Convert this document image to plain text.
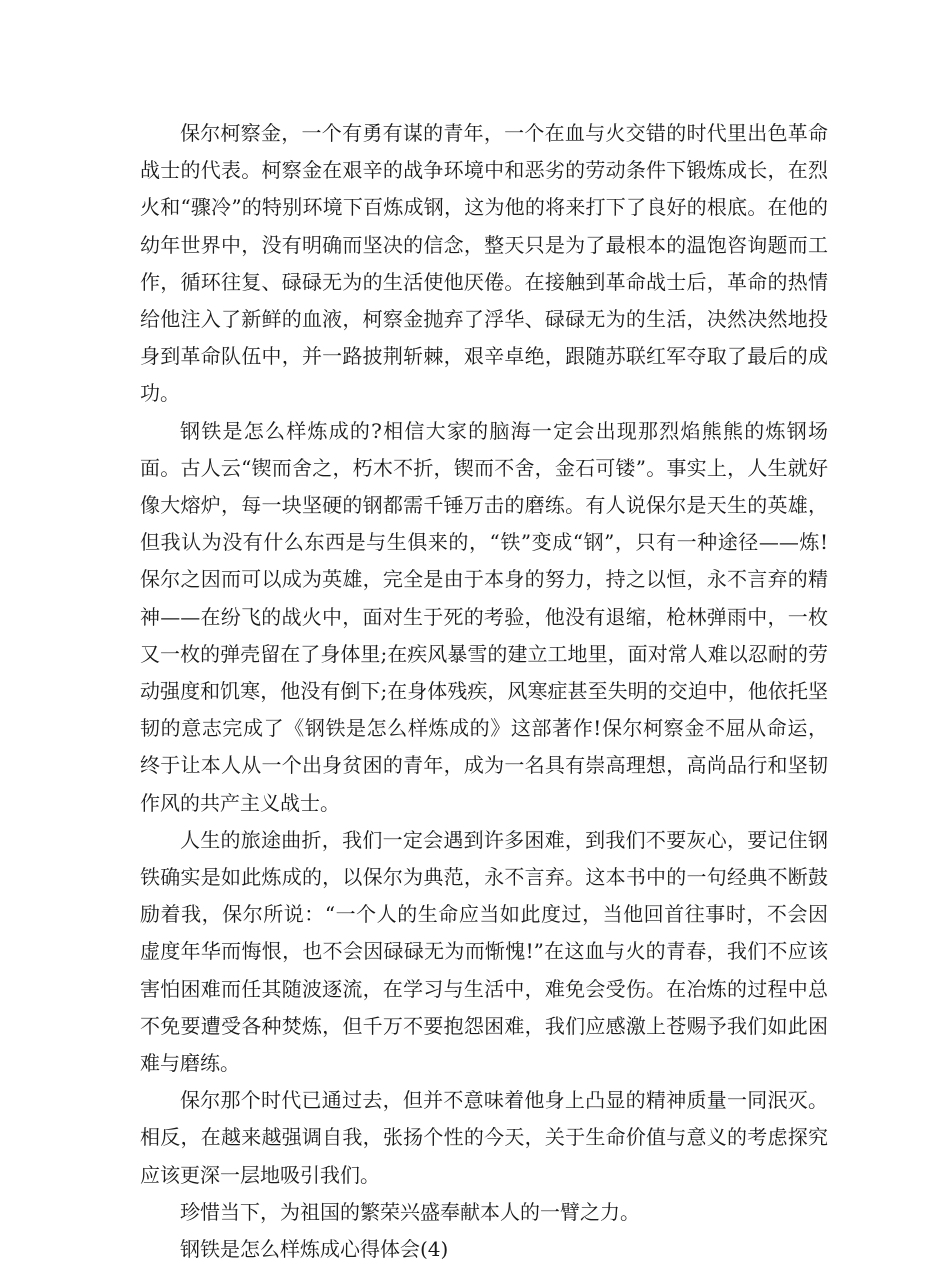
保尔柯察金，一个有勇有谋的青年，一个在血与火交错的时代里出色革命战士的代表。柯察金在艰辛的战争环境中和恶劣的劳动条件下锻炼成长，在烈火和“骤冷”的特别环境下百炼成钢，这为他的将来打下了良好的根底。在他的幼年世界中，没有明确而坚决的信念，整天只是为了最根本的温饱咨询题而工作，循环往复、碌碌无为的生活使他厌倦。在接触到革命战士后，革命的热情给他注入了新鲜的血液，柯察金抛弃了浮华、碌碌无为的生活，决然决然地投身到革命队伍中，并一路披荆斩棘，艰辛卓绝，跟随苏联红军夺取了最后的成功。

钢铁是怎么样炼成的?相信大家的脑海一定会出现那烈焰熊熊的炼钢场面。古人云“锲而舍之，朽木不折，锲而不舍，金石可镂”。事实上，人生就好像大熔炉，每一块坚硬的钢都需千锤万击的磨练。有人说保尔是天生的英雄，但我认为没有什么东西是与生俱来的，“铁”变成“钢”，只有一种途径——炼!保尔之因而可以成为英雄，完全是由于本身的努力，持之以恒，永不言弃的精神——在纷飞的战火中，面对生于死的考验，他没有退缩，枪林弹雨中，一枚又一枚的弹壳留在了身体里;在疾风暴雪的建立工地里，面对常人难以忍耐的劳动强度和饥寒，他没有倒下;在身体残疾，风寒症甚至失明的交迫中，他依托坚韧的意志完成了《钢铁是怎么样炼成的》这部著作!保尔柯察金不屈从命运，终于让本人从一个出身贫困的青年，成为一名具有崇高理想，高尚品行和坚韧作风的共产主义战士。

人生的旅途曲折，我们一定会遇到许多困难，到我们不要灰心，要记住钢铁确实是如此炼成的，以保尔为典范，永不言弃。这本书中的一句经典不断鼓励着我，保尔所说：“一个人的生命应当如此度过，当他回首往事时，不会因虚度年华而悔恨，也不会因碌碌无为而惭愧!”在这血与火的青春，我们不应该害怕困难而任其随波逐流，在学习与生活中，难免会受伤。在冶炼的过程中总不免要遭受各种焚炼，但千万不要抱怨困难，我们应感激上苍赐予我们如此困难与磨练。

保尔那个时代已通过去，但并不意味着他身上凸显的精神质量一同泯灭。相反，在越来越强调自我，张扬个性的今天，关于生命价值与意义的考虑探究应该更深一层地吸引我们。

珍惜当下，为祖国的繁荣兴盛奉献本人的一臂之力。

钢铁是怎么样炼成心得体会(4)
